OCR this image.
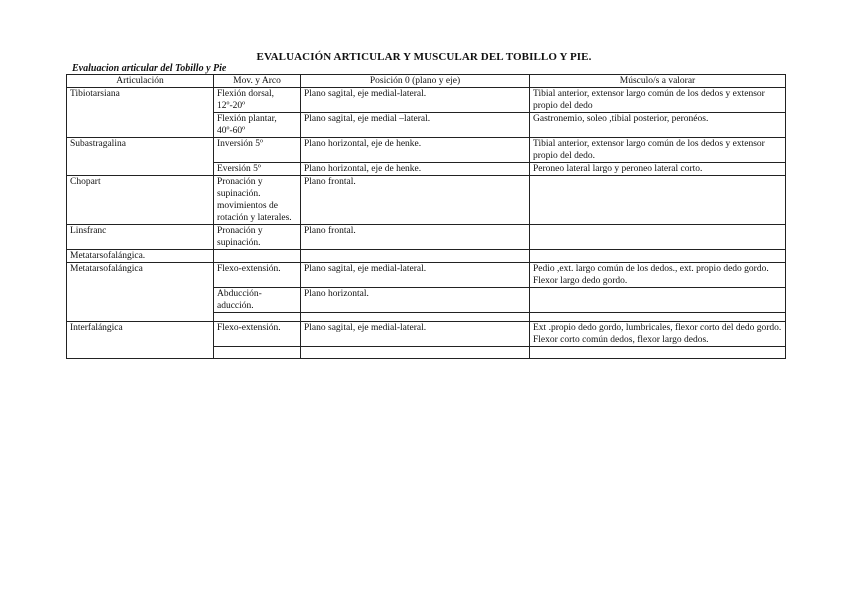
EVALUACIÓN ARTICULAR Y MUSCULAR DEL TOBILLO Y PIE.
Evaluacion articular del Tobillo y Pie
Articulación	Mov. y Arco	Posición 0 (plano y eje)	Músculo/s a valorar
Tibiotarsiana	Flexión dorsal, 12º-20º	Plano sagital, eje medial-lateral.	Tibial anterior, extensor largo común de los dedos y extensor propio del dedo
	Flexión plantar, 40º-60º	Plano sagital, eje medial –lateral.	Gastronemio, soleo ,tibial posterior, peronéos.
Subastragalina	Inversión 5º	Plano horizontal, eje de henke.	Tibial anterior, extensor largo común de los dedos y extensor propio del dedo.
	Eversión 5º	Plano horizontal, eje de henke.	Peroneo lateral largo y peroneo lateral corto.
Chopart	Pronación y supinación. movimientos de rotación y laterales.	Plano frontal.	
Linsfranc	Pronación y supinación.	Plano frontal.	
Metatarsofalángica.			
Metatarsofalángica	Flexo-extensión.	Plano sagital, eje medial-lateral.	Pedio ,ext. largo común de los dedos., ext. propio dedo gordo. Flexor largo dedo gordo.
	Abducción-aducción.	Plano horizontal.	

Interfalángica	Flexo-extensión.	Plano sagital, eje medial-lateral.	Ext .propio dedo gordo, lumbricales, flexor corto del dedo gordo. Flexor corto común dedos, flexor largo dedos.
